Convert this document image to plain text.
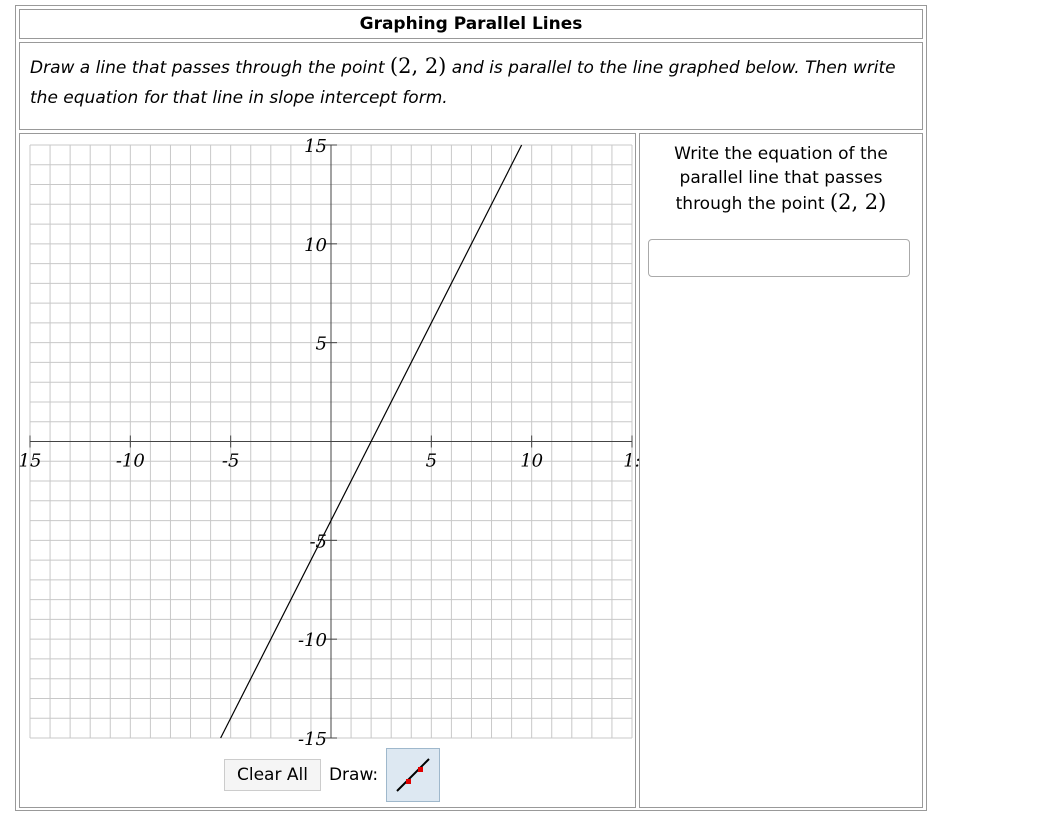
Graphing Parallel Lines
Draw a line that passes through the point (2, 2) and is parallel to the line graphed below. Then write the equation for that line in slope intercept form.
15	-10	-5	5	10	1:
15
10
5
-5
-10
-15
Clear All	Draw:
Write the equation of the parallel line that passes through the point (2, 2)
